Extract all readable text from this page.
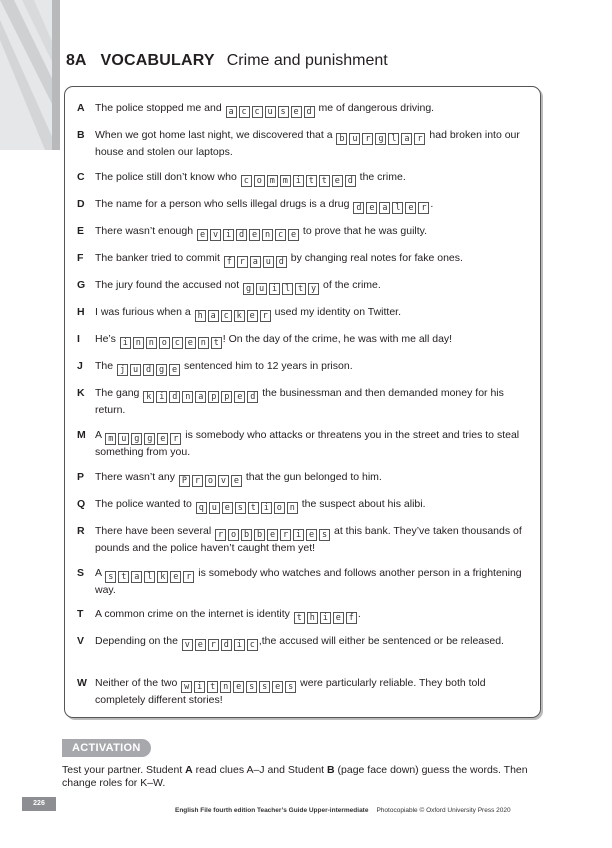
8A VOCABULARY Crime and punishment
A The police stopped me and a c c u s e d me of dangerous driving.
B When we got home last night, we discovered that a b u r g l a r had broken into our house and stolen our laptops.
C The police still don’t know who c o m m i t t e d the crime.
D The name for a person who sells illegal drugs is a drug d e a l e r .
E There wasn’t enough e v i d e n c e to prove that he was guilty.
F The banker tried to commit f r a u d by changing real notes for fake ones.
G The jury found the accused not g u i l t y of the crime.
H I was furious when a h a c k e r used my identity on Twitter.
I He’s i n n o c e n t ! On the day of the crime, he was with me all day!
J The j u d g e sentenced him to 12 years in prison.
K The gang k i d n a p p e d the businessman and then demanded money for his return.
M A m u g g e r is somebody who attacks or threatens you in the street and tries to steal something from you.
P There wasn’t any P r o v e that the gun belonged to him.
Q The police wanted to q u e s t i o n the suspect about his alibi.
R There have been several r o b b e r i e s at this bank. They’ve taken thousands of pounds and the police haven’t caught them yet!
S A s t a l k e r is somebody who watches and follows another person in a frightening way.
T A common crime on the internet is identity t h i e f .
V Depending on the v e r d i c ,the accused will either be sentenced or be released.
W Neither of the two w i t n e s s e s were particularly reliable. They both told completely different stories!
ACTIVATION
Test your partner. Student A read clues A–J and Student B (page face down) guess the words. Then change roles for K–W.
226
English File fourth edition Teacher’s Guide Upper-intermediate Photocopiable © Oxford University Press 2020
